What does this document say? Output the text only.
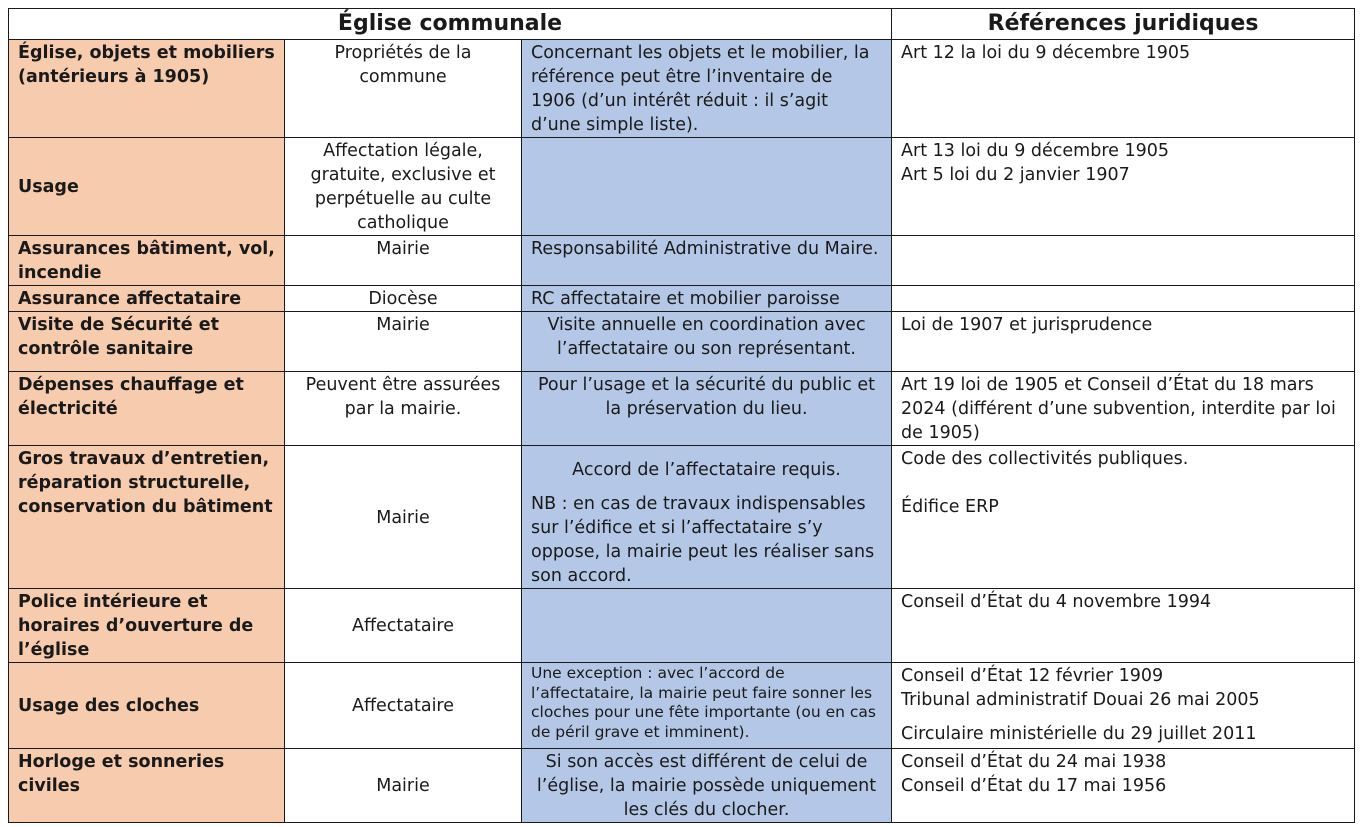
Église communale			Références juridiques
Église, objets et mobiliers (antérieurs à 1905)	Propriétés de la commune	Concernant les objets et le mobilier, la référence peut être l’inventaire de 1906 (d’un intérêt réduit : il s’agit d’une simple liste).	Art 12 la loi du 9 décembre 1905

Usage	Affectation légale, gratuite, exclusive et perpétuelle au culte catholique		Art 13 loi du 9 décembre 1905
Art 5 loi du 2 janvier 1907

Assurances bâtiment, vol, incendie	Mairie	Responsabilité Administrative du Maire.	

Assurance affectataire	Diocèse	RC affectataire et mobilier paroisse	

Visite de Sécurité et contrôle sanitaire	Mairie	Visite annuelle en coordination avec l’affectataire ou son représentant.	Loi de 1907 et jurisprudence

Dépenses chauffage et électricité	Peuvent être assurées par la mairie.	Pour l’usage et la sécurité du public et la préservation du lieu.	Art 19 loi de 1905 et Conseil d’État du 18 mars 2024 (différent d’une subvention, interdite par loi de 1905)

Gros travaux d’entretien, réparation structurelle, conservation du bâtiment	Mairie	Accord de l’affectataire requis.
NB : en cas de travaux indispensables sur l’édifice et si l’affectataire s’y oppose, la mairie peut les réaliser sans son accord.	Code des collectivités publiques.
Édifice ERP

Police intérieure et horaires d’ouverture de l’église	Affectataire		Conseil d’État du 4 novembre 1994

Usage des cloches	Affectataire	Une exception : avec l’accord de l’affectataire, la mairie peut faire sonner les cloches pour une fête importante (ou en cas de péril grave et imminent).	Conseil d’État 12 février 1909
Tribunal administratif Douai 26 mai 2005
Circulaire ministérielle du 29 juillet 2011

Horloge et sonneries civiles	Mairie	Si son accès est différent de celui de l’église, la mairie possède uniquement les clés du clocher.	Conseil d’État du 24 mai 1938
Conseil d’État du 17 mai 1956
